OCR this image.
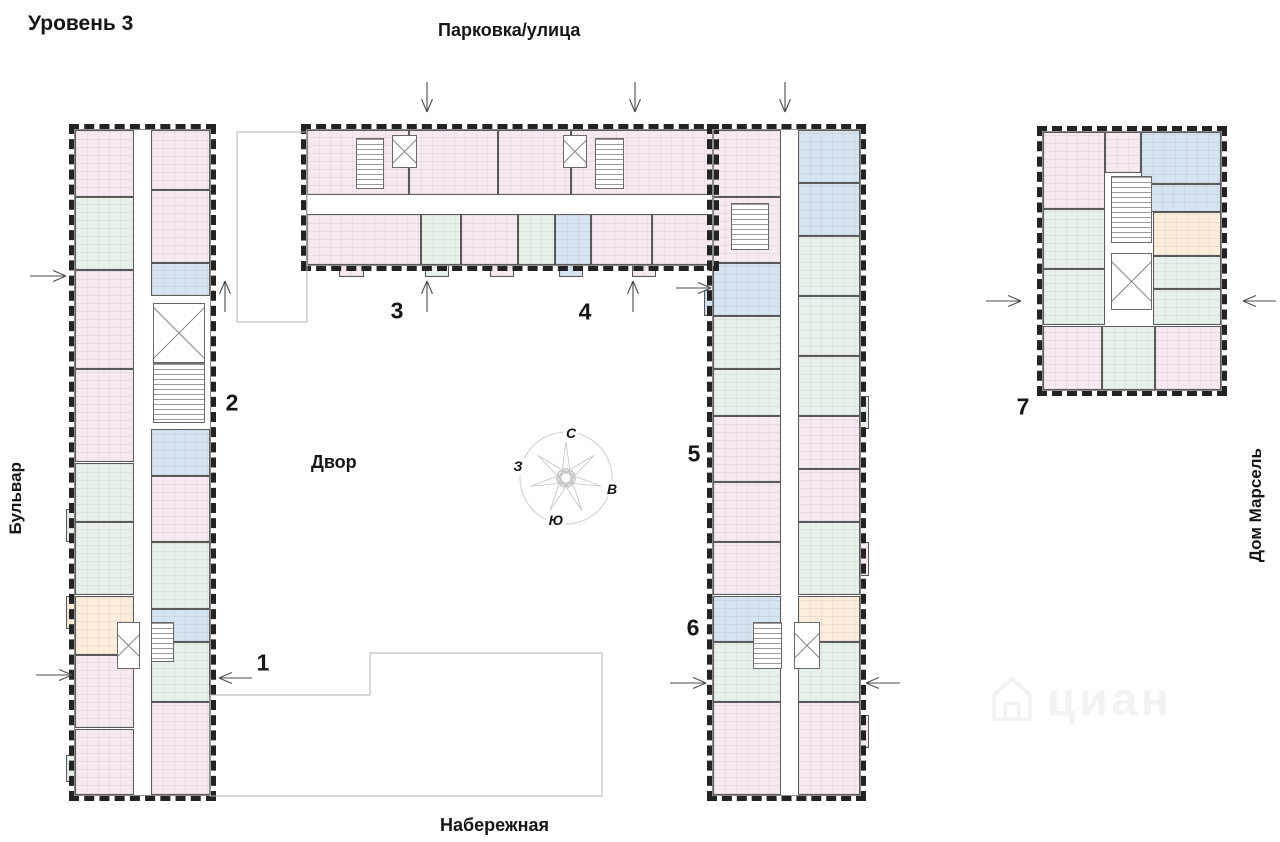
циан
1
2
3	4
5
6
7
Уровень 3	Парковка/улица
Набережная
Двор
Бульвар	Дом Марсель
С
В
Ю
З
